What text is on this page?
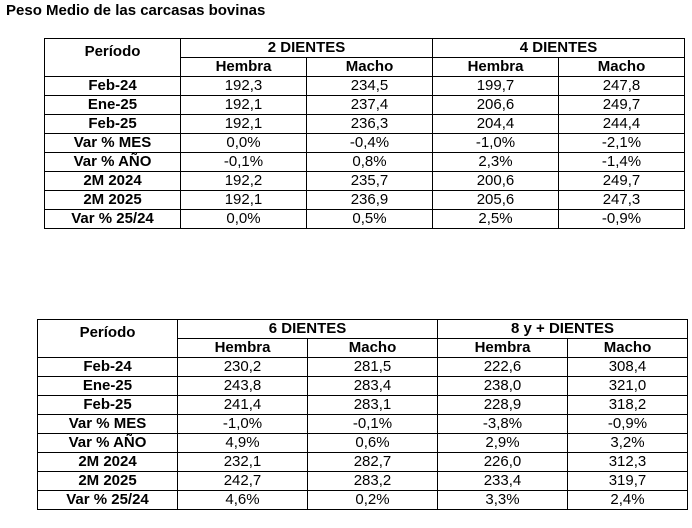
Peso Medio de las carcasas bovinas
Período	2 DIENTES		4 DIENTES	
	Hembra	Macho	Hembra	Macho
Feb-24	192,3	234,5	199,7	247,8
Ene-25	192,1	237,4	206,6	249,7
Feb-25	192,1	236,3	204,4	244,4
Var % MES	0,0%	-0,4%	-1,0%	-2,1%
Var % AÑO	-0,1%	0,8%	2,3%	-1,4%
2M 2024	192,2	235,7	200,6	249,7
2M 2025	192,1	236,9	205,6	247,3
Var % 25/24	0,0%	0,5%	2,5%	-0,9%
Período	6 DIENTES		8 y + DIENTES	
	Hembra	Macho	Hembra	Macho
Feb-24	230,2	281,5	222,6	308,4
Ene-25	243,8	283,4	238,0	321,0
Feb-25	241,4	283,1	228,9	318,2
Var % MES	-1,0%	-0,1%	-3,8%	-0,9%
Var % AÑO	4,9%	0,6%	2,9%	3,2%
2M 2024	232,1	282,7	226,0	312,3
2M 2025	242,7	283,2	233,4	319,7
Var % 25/24	4,6%	0,2%	3,3%	2,4%
